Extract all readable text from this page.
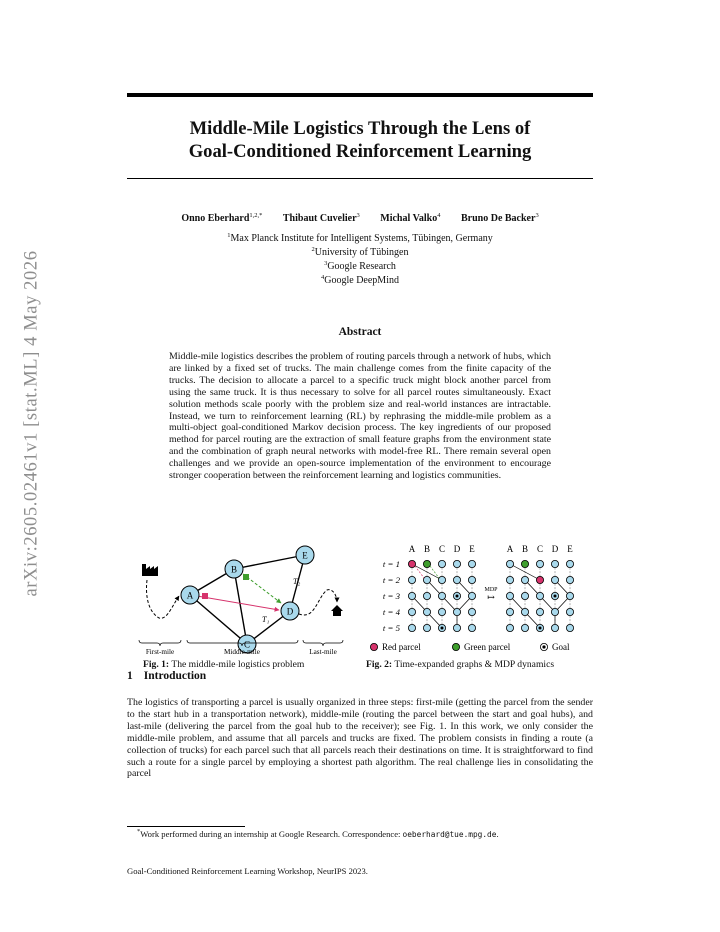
arXiv:2605.02461v1 [stat.ML] 4 May 2026
Middle-Mile Logistics Through the Lens of
Goal-Conditioned Reinforcement Learning
Onno Eberhard$^{1,2,*}$ Thibaut Cuvelier$^3$ Michal Valko$^4$ Bruno De Backer$^3$
$^1$Max Planck Institute for Intelligent Systems, Tübingen, Germany
$^2$University of Tübingen
$^3$Google Research
$^4$Google DeepMind
Abstract
Middle-mile logistics describes the problem of routing parcels through a network of hubs, which are linked by a fixed set of trucks. The main challenge comes from the finite capacity of the trucks. The decision to allocate a parcel to a specific truck might block another parcel from using the same truck. It is thus necessary to solve for all parcel routes simultaneously. Exact solution methods scale poorly with the problem size and real-world instances are intractable. Instead, we turn to reinforcement learning (RL) by rephrasing the middle-mile problem as a multi-object goal-conditioned Markov decision process. The key ingredients of our proposed method for parcel routing are the extraction of small feature graphs from the environment state and the combination of graph neural networks with model-free RL. There remain several open challenges and we provide an open-source implementation of the environment to encourage stronger cooperation between the reinforcement learning and logistics communities.
A
B
C
D
E
T₁
T₂
First-mile	Middle-mile	Last-mile
Fig. 1: The middle-mile logistics problem
A B C D E	A B C D E
t = 1
t = 2
t = 3
t = 4
t = 5
MDP
↦
Red parcel	Green parcel	Goal
Fig. 2: Time-expanded graphs & MDP dynamics
1 Introduction
The logistics of transporting a parcel is usually organized in three steps: first-mile (getting the parcel from the sender to the start hub in a transportation network), middle-mile (routing the parcel between the start and goal hubs), and last-mile (delivering the parcel from the goal hub to the receiver); see Fig. 1. In this work, we only consider the middle-mile problem, and assume that all parcels and trucks are fixed. The problem consists in finding a route (a collection of trucks) for each parcel such that all parcels reach their destinations on time. It is straightforward to find such a route for a single parcel by employing a shortest path algorithm. The real challenge lies in consolidating the parcel
*Work performed during an internship at Google Research. Correspondence: oeberhard@tue.mpg.de.
Goal-Conditioned Reinforcement Learning Workshop, NeurIPS 2023.
